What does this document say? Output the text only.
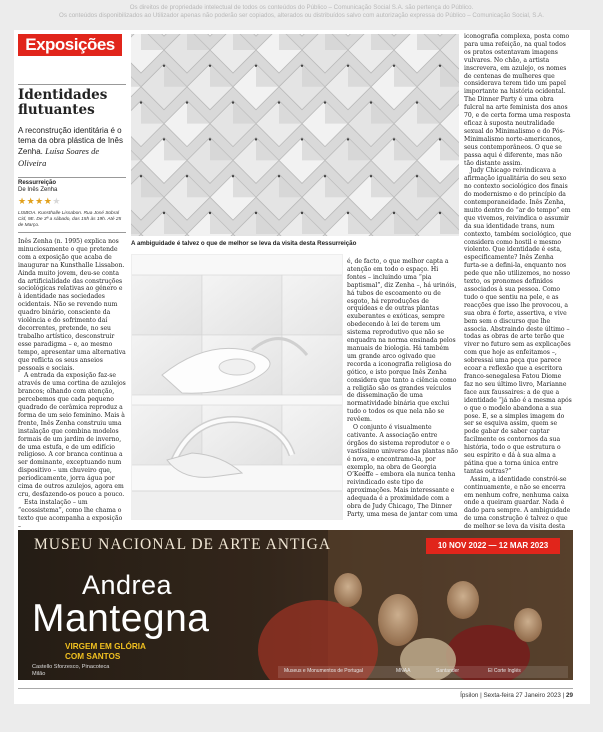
Os direitos de propriedade intelectual de todos os conteúdos do Público – Comunicação Social S.A. são pertença do Público.
Os conteúdos disponibilizados ao Utilizador apenas não poderão ser copiados, alterados ou distribuídos salvo com autorização expressa do Público – Comunicação Social, S.A.
Exposições
Identidades flutuantes
A reconstrução identitária é o tema da obra plástica de Inês Zenha. Luísa Soares de Oliveira
Ressurreição
De Inês Zenha
★★★★★
LISBOA. Kunsthalle Lissabon. Rua José Sobral Cid, 9E. De 3ª a sábado, das 15h às 19h. Até 25 de Março.

Inês Zenha (n. 1995) explica nos minuciosamente o que pretende com a exposição que acaba de inaugurar na Kunsthalle Lissabon. Ainda muito jovem, deu-se conta da artificialidade das construções sociológicas relativas ao género e à identidade nas sociedades ocidentais. Não se revendo num quadro binário, consciente da violência e do sofrimento daí decorrentes, pretende, no seu trabalho artístico, desconstruir esse paradigma – e, ao mesmo tempo, apresentar uma alternativa que reflicta os seus anseios pessoais e sociais.

A entrada da exposição faz-se através de uma cortina de azulejos brancos; olhando com atenção, percebemos que cada pequeno quadrado de cerâmica reproduz a forma de um seio feminino. Mais à frente, Inês Zenha construiu uma instalação que combina modelos formais de um jardim de inverno, de uma estufa, e de um edifício religioso. A cor branca continua a ser dominante, exceptuando num dispositivo – um chuveiro que, periodicamente, jorra água por cima de outros azulejos, agora em cru, desfazendo-os pouco a pouco.

Esta instalação – um “ecossistema”, como lhe chama o texto que acompanha a exposição –

A ambiguidade é talvez o que de melhor se leva da visita desta Ressurreição

é, de facto, o que melhor capta a atenção em todo o espaço. Hi fontes – incluindo uma “pia baptismal”, diz Zenha –, há urinóis, há tubos de escoamento ou de esgoto, há reproduções de orquídeas e de outras plantas exuberantes e exóticas, sempre obedecendo à lei de terem um sistema reprodutivo que não se enquadra na norma ensinada pelos manuais de biologia. Há também um grande arco ogivado que recorda a iconografia religiosa do gótico, e isto porque Inês Zenha considera que tanto a ciência como a religião são os grandes veículos de disseminação de uma normatividade binária que exclui tudo o todos os que nela não se revêem.

O conjunto é visualmente cativante. A associação entre órgãos do sistema reprodutor e o vastíssimo universo das plantas não é nova, e encontramo-la, por exemplo, na obra de Georgia O’Keeffe – embora ela nunca tenha reivindicado este tipo de aproximações. Mais interessante e adequada é a proximidade com a obra de Judy Chicago, The Dinner Party, uma mesa de jantar com uma

iconografia complexa, posta como para uma refeição, na qual todos os pratos ostentavam imagens vulvares. No chão, a artista inscrevera, em azulejo, os nomes de centenas de mulheres que considerava terem tido um papel importante na história ocidental. The Dinner Party é uma obra fulcral na arte feminista dos anos 70, e de certa forma uma resposta eficaz à suposta neutralidade sexual do Minimalismo e do Pós-Minimalismo norte-americanos, seus contemporâneos. O que se passa aqui é diferente, mas não tão distante assim.

Judy Chicago reivindicava a afirmação igualitária do seu sexo no contexto sociológico dos finais do modernismo e do princípio da contemporaneidade. Inês Zenha, muito dentro do “ar do tempo” em que vivemos, reivindica o assumir da sua identidade trans, num contexto, também sociológico, que considera como hostil e mesmo violento. Que identidade é esta, especificamente? Inês Zenha furta-se a defini-la, enquanto nos pede que não utilizemos, no nosso texto, os pronomes definidos associados à sua pessoa. Como tudo o que sentiu na pele, e as reacções que isso lhe provocou, a sua obra é forte, assertiva, e vive bem sem o discurso que lhe associa. Abstraindo deste último – todas as obras de arte terão que viver no futuro sem as explicações com que hoje as enfeitamos –, sobressai uma peça que parece ecoar a reflexão que a escritora franco-senegalesa Fatou Diome faz no seu último livro, Marianne face aux faussaires: a de que a identidade “já não é a mesma após o que o modelo abandona a sua pose. E, se a simples imagem do ser se esquiva assim, quem se pode gabar de saber captar facilmente os contornos da sua história, todo o que estrutura o seu espírito e dá à sua alma a pátina que a torna única entre tantas outras?”

Assim, a identidade constrói-se continuamente, e não se encerra em nenhum cofre, nenhuma caixa onde a queiram guardar. Nada é dado para sempre. A ambiguidade de uma construção é talvez o que de melhor se leva da visita desta

MUSEU NACIONAL DE ARTE ANTIGA	10 NOV 2022 — 12 MAR 2023
Andrea
Mantegna
VIRGEM EM GLÓRIA
COM SANTOS
Castello Sforzesco, Pinacoteca
Milão	Museus e Monumentos de Portugal	MNAA	Santander	El Corte Inglés
Ípsilon | Sexta-feira 27 Janeiro 2023 | 29
